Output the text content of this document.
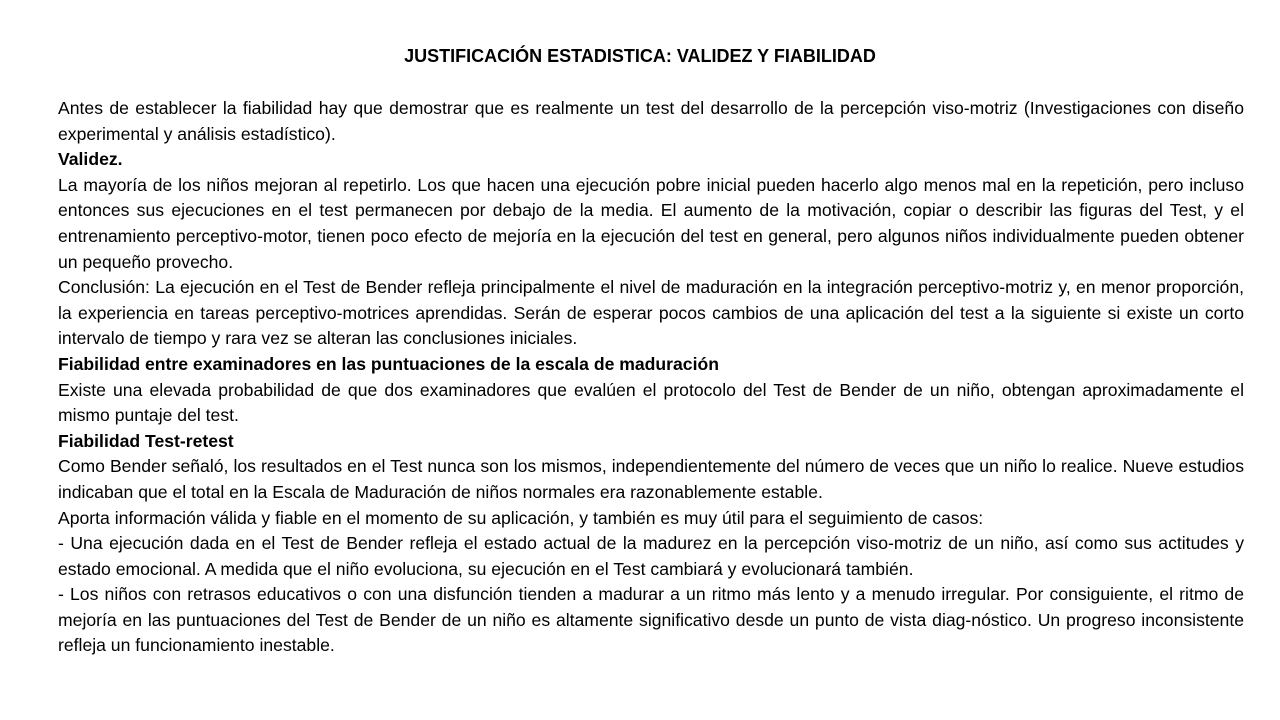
JUSTIFICACIÓN ESTADISTICA: VALIDEZ Y FIABILIDAD

Antes de establecer la fiabilidad hay que demostrar que es realmente un test del desarrollo de la percepción viso-motriz (Investigaciones con diseño experimental y análisis estadístico).

Validez.

La mayoría de los niños mejoran al repetirlo. Los que hacen una ejecución pobre inicial pueden hacerlo algo menos mal en la repetición, pero incluso entonces sus ejecuciones en el test permanecen por debajo de la media. El aumento de la motivación, copiar o describir las figuras del Test, y el entrenamiento perceptivo-motor, tienen poco efecto de mejoría en la ejecución del test en general, pero algunos niños individualmente pueden obtener un pequeño provecho.

Conclusión: La ejecución en el Test de Bender refleja principalmente el nivel de maduración en la integración perceptivo-motriz y, en menor proporción, la experiencia en tareas perceptivo-motrices aprendidas. Serán de esperar pocos cambios de una aplicación del test a la siguiente si existe un corto intervalo de tiempo y rara vez se alteran las conclusiones iniciales.

Fiabilidad entre examinadores en las puntuaciones de la escala de maduración

Existe una elevada probabilidad de que dos examinadores que evalúen el protocolo del Test de Bender de un niño, obtengan aproximadamente el mismo puntaje del test.

Fiabilidad Test-retest

Como Bender señaló, los resultados en el Test nunca son los mismos, independientemente del número de veces que un niño lo realice. Nueve estudios indicaban que el total en la Escala de Maduración de niños normales era razonablemente estable.

Aporta información válida y fiable en el momento de su aplicación, y también es muy útil para el seguimiento de casos:

- Una ejecución dada en el Test de Bender refleja el estado actual de la madurez en la percepción viso-motriz de un niño, así como sus actitudes y estado emocional. A medida que el niño evoluciona, su ejecución en el Test cambiará y evolucionará también.

- Los niños con retrasos educativos o con una disfunción tienden a madurar a un ritmo más lento y a menudo irregular. Por consiguiente, el ritmo de mejoría en las puntuaciones del Test de Bender de un niño es altamente significativo desde un punto de vista diag-nóstico. Un progreso inconsistente refleja un funcionamiento inestable.
